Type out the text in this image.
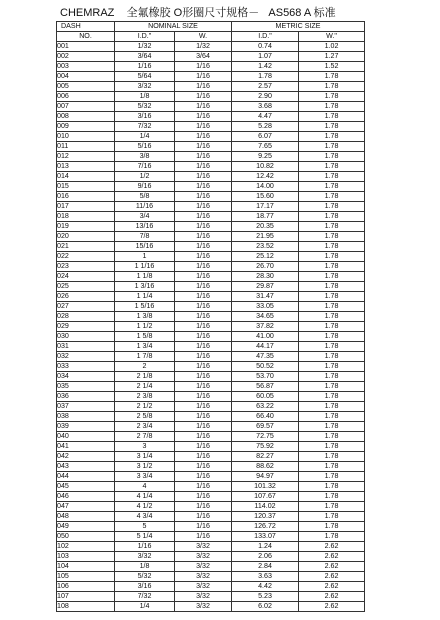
CHEMRAZ    全氟橡胶 O形圈尺寸规格－   AS568 A 标准
DASH	NOMINAL SIZE		METRIC SIZE	
NO.	I.D."	W.	I.D."	W."
001	1/32	1/32	0.74	1.02
002	3/64	3/64	1.07	1.27
003	1/16	1/16	1.42	1.52
004	5/64	1/16	1.78	1.78
005	3/32	1/16	2.57	1.78
006	1/8	1/16	2.90	1.78
007	5/32	1/16	3.68	1.78
008	3/16	1/16	4.47	1.78
009	7/32	1/16	5.28	1.78
010	1/4	1/16	6.07	1.78
011	5/16	1/16	7.65	1.78
012	3/8	1/16	9.25	1.78
013	7/16	1/16	10.82	1.78
014	1/2	1/16	12.42	1.78
015	9/16	1/16	14.00	1.78
016	5/8	1/16	15.60	1.78
017	11/16	1/16	17.17	1.78
018	3/4	1/16	18.77	1.78
019	13/16	1/16	20.35	1.78
020	7/8	1/16	21.95	1.78
021	15/16	1/16	23.52	1.78
022	1	1/16	25.12	1.78
023	1 1/16	1/16	26.70	1.78
024	1 1/8	1/16	28.30	1.78
025	1 3/16	1/16	29.87	1.78
026	1 1/4	1/16	31.47	1.78
027	1 5/16	1/16	33.05	1.78
028	1 3/8	1/16	34.65	1.78
029	1 1/2	1/16	37.82	1.78
030	1 5/8	1/16	41.00	1.78
031	1 3/4	1/16	44.17	1.78
032	1 7/8	1/16	47.35	1.78
033	2	1/16	50.52	1.78
034	2 1/8	1/16	53.70	1.78
035	2 1/4	1/16	56.87	1.78
036	2 3/8	1/16	60.05	1.78
037	2 1/2	1/16	63.22	1.78
038	2 5/8	1/16	66.40	1.78
039	2 3/4	1/16	69.57	1.78
040	2 7/8	1/16	72.75	1.78
041	3	1/16	75.92	1.78
042	3 1/4	1/16	82.27	1.78
043	3 1/2	1/16	88.62	1.78
044	3 3/4	1/16	94.97	1.78
045	4	1/16	101.32	1.78
046	4 1/4	1/16	107.67	1.78
047	4 1/2	1/16	114.02	1.78
048	4 3/4	1/16	120.37	1.78
049	5	1/16	126.72	1.78
050	5 1/4	1/16	133.07	1.78
102	1/16	3/32	1.24	2.62
103	3/32	3/32	2.06	2.62
104	1/8	3/32	2.84	2.62
105	5/32	3/32	3.63	2.62
106	3/16	3/32	4.42	2.62
107	7/32	3/32	5.23	2.62
108	1/4	3/32	6.02	2.62
